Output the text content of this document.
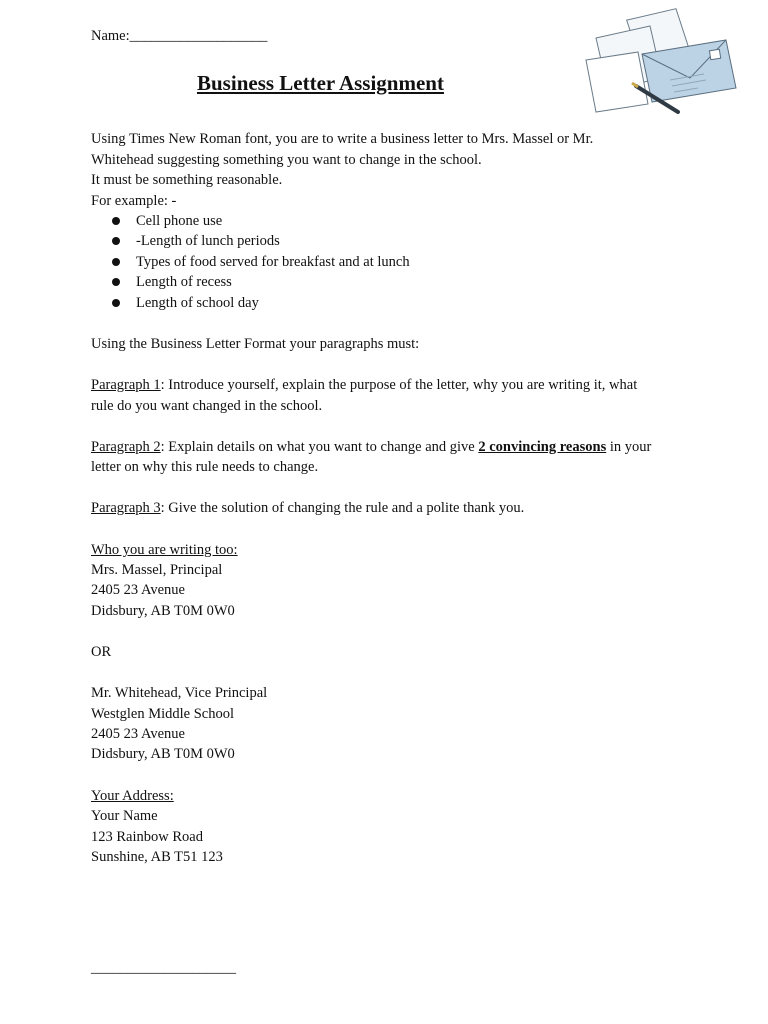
Name:___________________
Business Letter Assignment
Using Times New Roman font, you are to write a business letter to Mrs. Massel or Mr.
Whitehead suggesting something you want to change in the school.
It must be something reasonable.
For example: -
Cell phone use
-Length of lunch periods
Types of food served for breakfast and at lunch
Length of recess
Length of school day
Using the Business Letter Format your paragraphs must:
Paragraph 1: Introduce yourself, explain the purpose of the letter, why you are writing it, what
rule do you want changed in the school.
Paragraph 2: Explain details on what you want to change and give 2 convincing reasons in your
letter on why this rule needs to change.
Paragraph 3: Give the solution of changing the rule and a polite thank you.
Who you are writing too:
Mrs. Massel, Principal
2405 23 Avenue
Didsbury, AB T0M 0W0
OR
Mr. Whitehead, Vice Principal
Westglen Middle School
2405 23 Avenue
Didsbury, AB T0M 0W0
Your Address:
Your Name
123 Rainbow Road
Sunshine, AB T51 123
____________________
